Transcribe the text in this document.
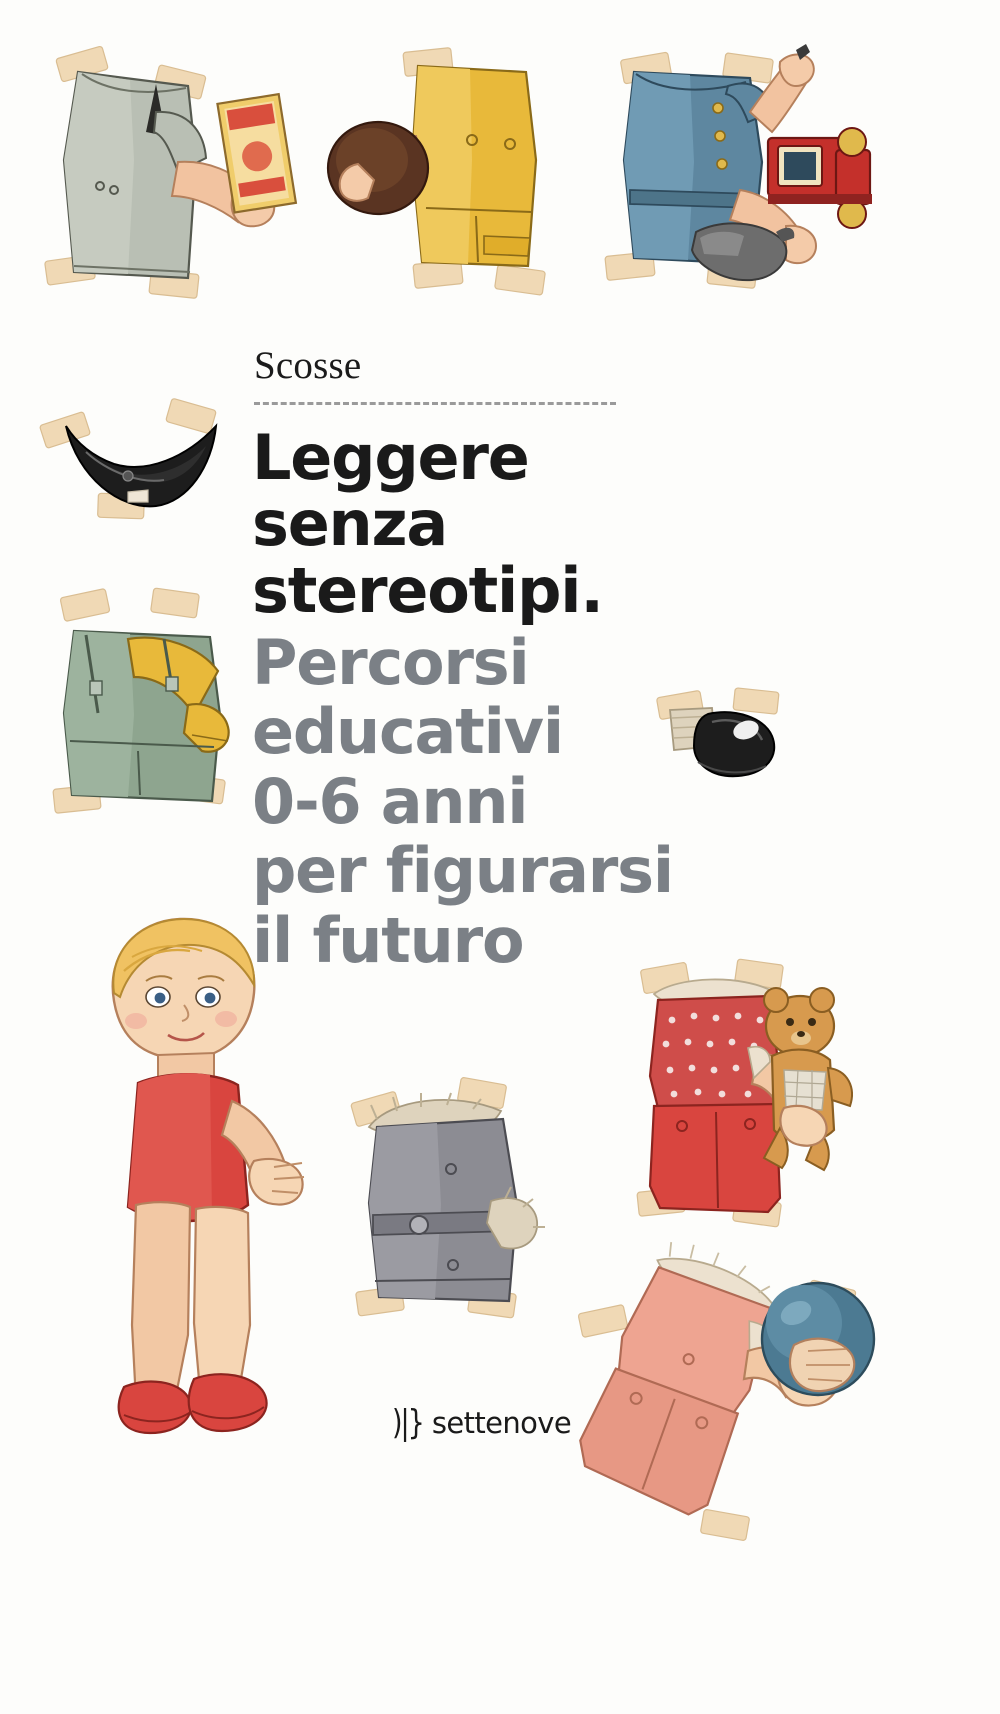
Scosse
Leggere
senza stereotipi.
Percorsi
educativi
0-6 anni
per figurarsi
il futuro
)|} settenove
